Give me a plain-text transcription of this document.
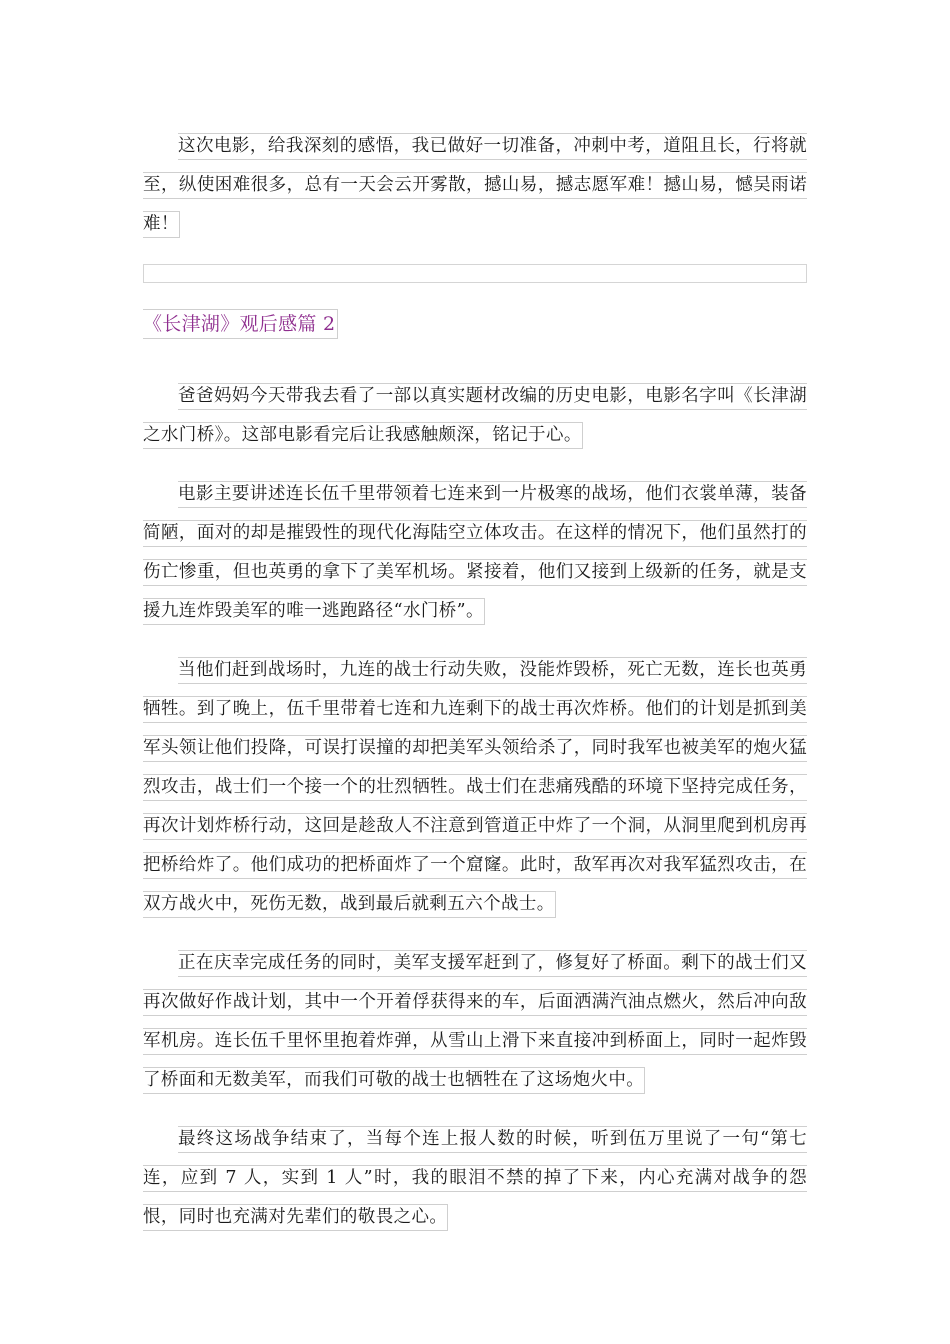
这次电影，给我深刻的感悟，我已做好一切准备，冲刺中考，道阻且长，行将就至，纵使困难很多，总有一天会云开雾散，撼山易，撼志愿军难！撼山易，憾吴雨诺难！

《长津湖》观后感篇 2

爸爸妈妈今天带我去看了一部以真实题材改编的历史电影，电影名字叫《长津湖之水门桥》。这部电影看完后让我感触颇深，铭记于心。

电影主要讲述连长伍千里带领着七连来到一片极寒的战场，他们衣裳单薄，装备简陋，面对的却是摧毁性的现代化海陆空立体攻击。在这样的情况下，他们虽然打的伤亡惨重，但也英勇的拿下了美军机场。紧接着，他们又接到上级新的任务，就是支援九连炸毁美军的唯一逃跑路径“水门桥”。

当他们赶到战场时，九连的战士行动失败，没能炸毁桥，死亡无数，连长也英勇牺牲。到了晚上，伍千里带着七连和九连剩下的战士再次炸桥。他们的计划是抓到美军头领让他们投降，可误打误撞的却把美军头领给杀了，同时我军也被美军的炮火猛烈攻击，战士们一个接一个的壮烈牺牲。战士们在悲痛残酷的环境下坚持完成任务，再次计划炸桥行动，这回是趁敌人不注意到管道正中炸了一个洞，从洞里爬到机房再把桥给炸了。他们成功的把桥面炸了一个窟窿。此时，敌军再次对我军猛烈攻击，在双方战火中，死伤无数，战到最后就剩五六个战士。

正在庆幸完成任务的同时，美军支援军赶到了，修复好了桥面。剩下的战士们又再次做好作战计划，其中一个开着俘获得来的车，后面洒满汽油点燃火，然后冲向敌军机房。连长伍千里怀里抱着炸弹，从雪山上滑下来直接冲到桥面上，同时一起炸毁了桥面和无数美军，而我们可敬的战士也牺牲在了这场炮火中。

最终这场战争结束了，当每个连上报人数的时候，听到伍万里说了一句“第七连，应到 7 人，实到 1 人”时，我的眼泪不禁的掉了下来，内心充满对战争的怨恨，同时也充满对先辈们的敬畏之心。
